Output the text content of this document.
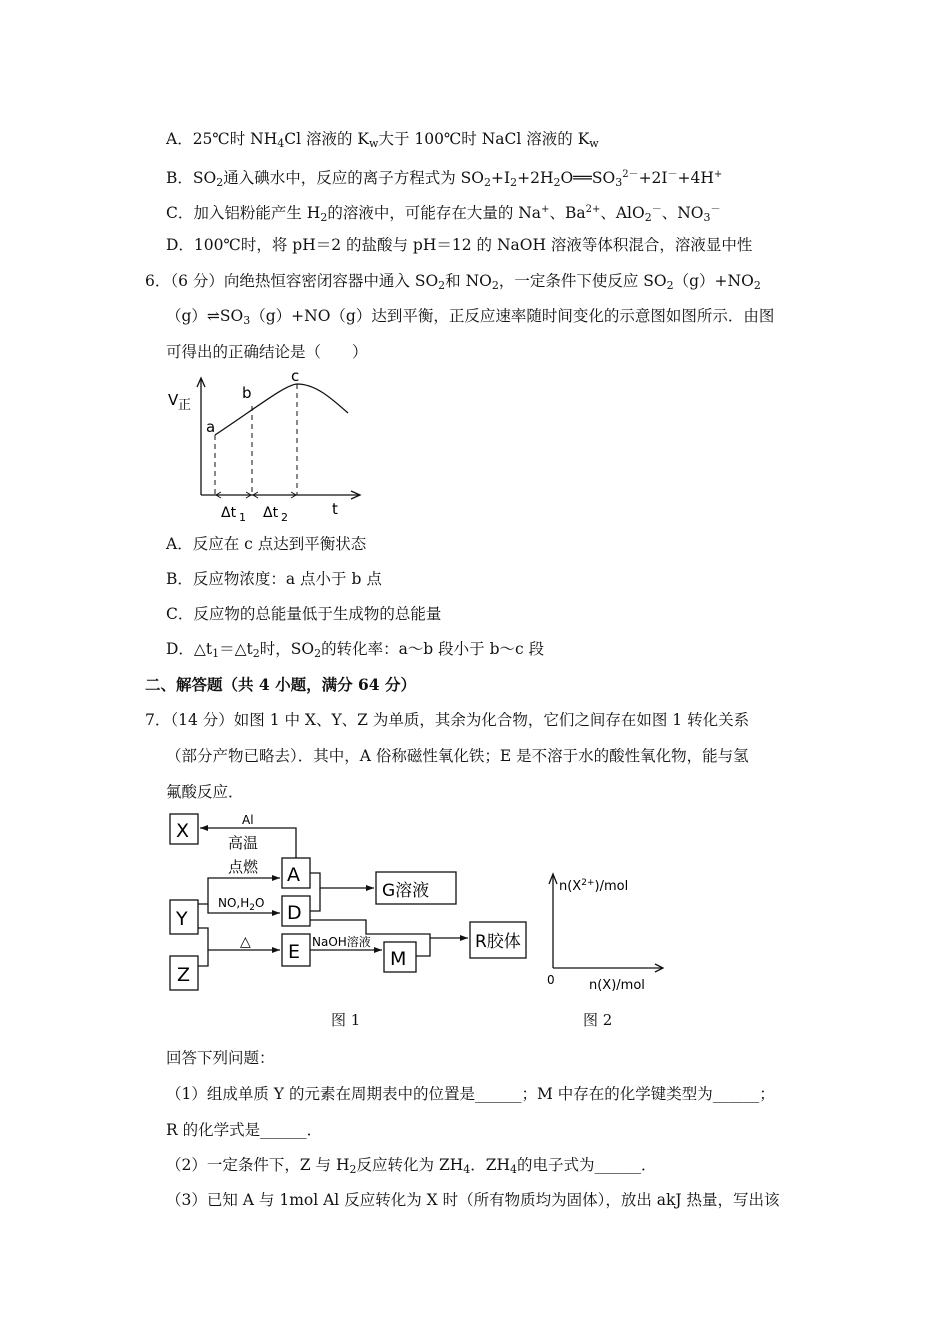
A．25℃时 $NH_4Cl$ 溶液的 $K_w$大于 100℃时 NaCl 溶液的 $K_w$
B．$SO_2$通入碘水中，反应的离子方程式为 $SO_2+I_2+2H_2O══SO_3^{2-}+2I^-+4H^+$
C．加入铝粉能产生 $H_2$的溶液中，可能存在大量的 Na+、$Ba^{2+}$、AlO$_2$－、$NO_3^-$
D．100℃时，将 pH＝2 的盐酸与 pH＝12 的 NaOH 溶液等体积混合，溶液显中性
6．（6 分）向绝热恒容密闭容器中通入 $SO_2$和 $NO_2$，一定条件下使反应 $SO_2(g)+NO_2$
$(g)\rightleftharpoons SO_3(g)+NO(g)$达到平衡，正反应速率随时间变化的示意图如图所示．由图
可得出的正确结论是（　　）
V 正
t
a
b
c
Δt 1 Δt 2
A．反应在 c 点达到平衡状态
B．反应物浓度：a 点小于 b 点
C．反应物的总能量低于生成物的总能量
D．$\triangle t_1=\triangle t_2$时，$SO_2$的转化率：a～b 段小于 b～c 段
二、解答题（共 4 小题，满分 64 分）
7．（14 分）如图 1 中 X、Y、Z 为单质，其余为化合物，它们之间存在如图 1 转化关系
（部分产物已略去）．其中，A 俗称磁性氧化铁；E 是不溶于水的酸性氧化物，能与氢
氟酸反应．
X
Y
Z
A
D
E	M
G溶液
R胶体
Al
高温
点燃
$NO,H_2O$
△	NaOH溶液
图 1
$n(X^{2+})$/mol
0	n(X)/mol
图 2
回答下列问题：
（1）组成单质 Y 的元素在周期表中的位置是______；M 中存在的化学键类型为______；
R 的化学式是______．
（2）一定条件下，Z 与 $H_2$反应转化为 $ZH_4$．$ZH_4$的电子式为______．
（3）已知 A 与 1mol Al 反应转化为 X 时（所有物质均为固体），放出 akJ 热量，写出该
